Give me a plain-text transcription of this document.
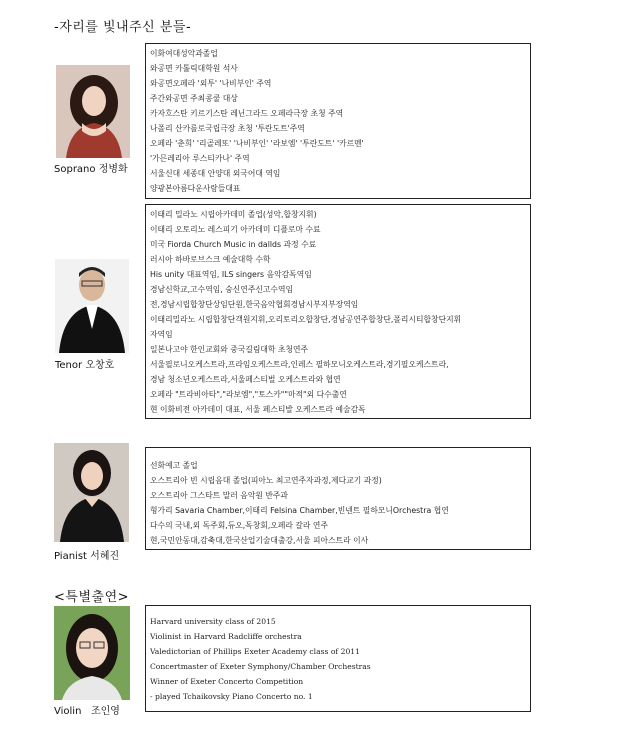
-자리를 빛내주신 분들-
Soprano 정병화
이화여대성악과졸업
와공면 카톨릭대학원 석사
와공면오페라 '외투' '나비부인' 주역
주간와공면 주최콩쿨 대상
카자흐스탄 키르기스탄 레닌그라드 오페라극장 초청 주역
나폴리 산카를로국립극장 초청 '투란도트'주역
오페라 '춘희' '리골레또' '나비부인' '라보엠' '투란도트' '카르멘'
'가믄레리아 루스티카나' 주역
서울신대 세종대 안양대 외국어대 역임
양광본아름다운사람들대표
Tenor 오창호
이태리 밀라노 시립아카데미 졸업(성악,합창지휘)
이태리 오토리노 레스피기 아카데미 디플로마 수료
미국 Fiorda Church Music in dallds 과정 수료
러시아 하바로브스크 예술대학 수학
His unity 대표역임, ILS singers 음악감독역임
경남신학교,고수역임, 숭신연주신고수역임
전,경남시립합창단상임단원,한국음악협회경남시부지부장역임
이태리밀라노 시립합창단객원지휘,오리토리오합창단,경남공연주합창단,폴리시티합창단지휘
자역임
일본나고야 한인교회와 중국길림대학 초청연주
서울필로니오케스트라,프라임오케스트라,인레스 필하모니오케스트라,경기필오케스트라,
경남 청소년오케스트라,서울페스티벌 오케스트라와 협연
오페라 "트라비아타","라보엠","토스카""마적"외 다수출연
현 이화비전 아카데미 대표, 서울 페스티발 오케스트라 예술감독
Pianist 서혜진
선화예고 졸업
오스트리아 빈 시립음대 졸업(피아노 최고연주자과정,제다교기 과정)
오스트리아 그스타트 말러 음악원 반주과
형가리 Savaria Chamber,이태리 Felsina Chamber,빈넨트 필하모니Orchestra 협연
다수의 국내,외 독주회,듀오,독창회,오페라 갈라 연주
현,국민안동대,감축대,한국산업기술대출강,서울 피아스트라 이사
<특별출연>
Violin 조인영
Harvard university class of 2015
Violinist in Harvard Radcliffe orchestra
Valedictorian of Phillips Exeter Academy class of 2011
Concertmaster of Exeter Symphony/Chamber Orchestras
Winner of Exeter Concerto Competition
- played Tchaikovsky Piano Concerto no. 1
